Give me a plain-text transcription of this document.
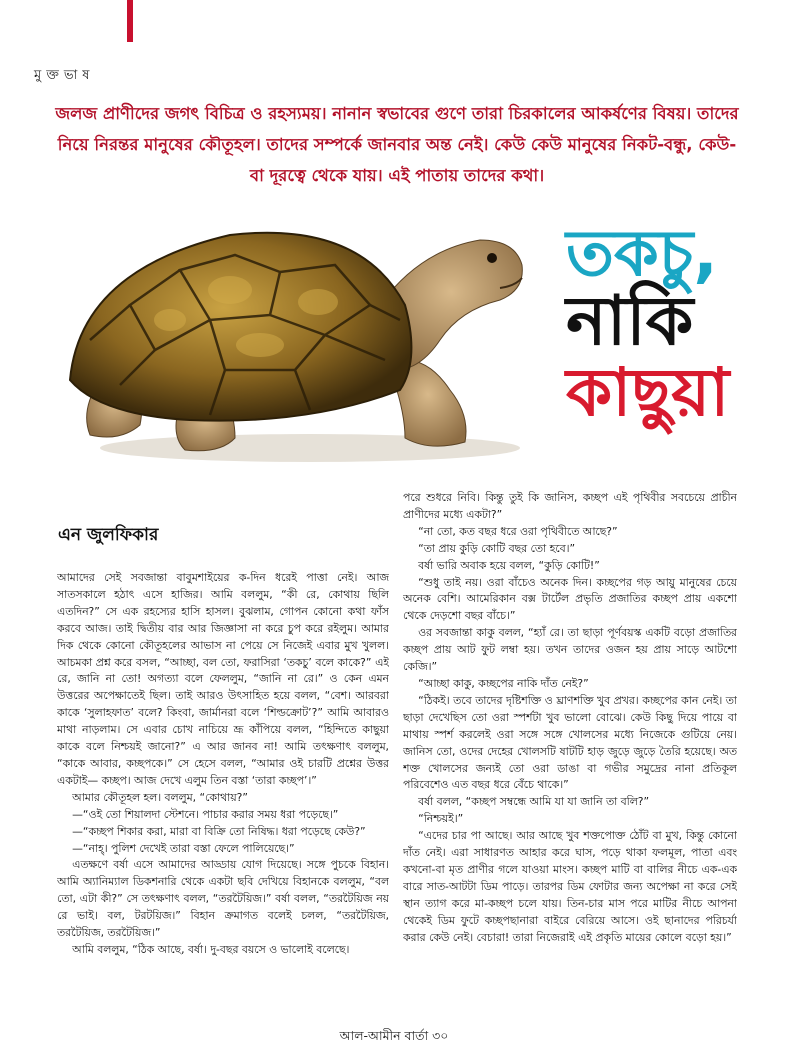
মুক্তভাষ
জলজ প্রাণীদের জগৎ বিচিত্র ও রহস্যময়। নানান স্বভাবের গুণে তারা চিরকালের আকর্ষণের বিষয়। তাদের নিয়ে নিরন্তর মানুষের কৌতূহল। তাদের সম্পর্কে জানবার অন্ত নেই। কেউ কেউ মানুষের নিকট-বন্ধু, কেউ-বা দূরত্বে থেকে যায়। এই পাতায় তাদের কথা।
তকচু,
নাকি
কাছুয়া
এন জুলফিকার

আমাদের সেই সবজান্তা বাবুমশাইয়ের ক-দিন ধরেই পাত্তা নেই। আজ সাতসকালে হঠাৎ এসে হাজির। আমি বললুম, “কী রে, কোথায় ছিলি এতদিন?” সে এক রহস্যের হাসি হাসল। বুঝলাম, গোপন কোনো কথা ফাঁস করবে আজ। তাই দ্বিতীয় বার আর জিজ্ঞাসা না করে চুপ করে রইলুম। আমার দিক থেকে কোনো কৌতূহলের আভাস না পেয়ে সে নিজেই এবার মুখ খুলল। আচমকা প্রশ্ন করে বসল, “আচ্ছা, বল তো, ফরাসিরা ‘তকচু’ বলে কাকে?” এই রে, জানি না তো! অগত্যা বলে ফেললুম, “জানি না রে।” ও কেন এমন উত্তরের অপেক্ষাতেই ছিল। তাই আরও উৎসাহিত হয়ে বলল, “বেশ। আরবরা কাকে ‘সুলাহফাত’ বলে? কিংবা, জার্মানরা বলে ‘শিল্ডক্রোট’?” আমি আবারও মাথা নাড়লাম। সে এবার চোখ নাচিয়ে ভ্রূ কাঁপিয়ে বলল, “হিন্দিতে কাছুয়া কাকে বলে নিশ্চয়ই জানো?” এ আর জানব না! আমি তৎক্ষণাৎ বললুম, “কাকে আবার, কচ্ছপকে।” সে হেসে বলল, “আমার ওই চারটি প্রশ্নের উত্তর একটাই— কচ্ছপ। আজ দেখে এলুম তিন বস্তা ‘তারা কচ্ছপ’।”

আমার কৌতূহল হল। বললুম, “কোথায়?”

—“ওই তো শিয়ালদা স্টেশনে। পাচার করার সময় ধরা পড়েছে।”

—“কচ্ছপ শিকার করা, মারা বা বিক্রি তো নিষিদ্ধ। ধরা পড়েছে কেউ?”

—“নাহ্‌। পুলিশ দেখেই তারা বস্তা ফেলে পালিয়েছে।”

এতক্ষণে বর্ষা এসে আমাদের আড্ডায় যোগ দিয়েছে। সঙ্গে পুচকে বিহান। আমি অ্যানিম্যাল ডিকশনারি থেকে একটা ছবি দেখিয়ে বিহানকে বললুম, “বল তো, এটা কী?” সে তৎক্ষণাৎ বলল, “তরটৈয়িজ।” বর্ষা বলল, “তরটৈয়িজ নয় রে ভাই। বল, টরটয়িজ।” বিহান ক্রমাগত বলেই চলল, “তরটৈয়িজ, তরটৈয়িজ, তরটৈয়িজ।”

আমি বললুম, “ঠিক আছে, বর্ষা। দু-বছর বয়সে ও ভালোই বলেছে।

পরে শুধরে নিবি। কিন্তু তুই কি জানিস, কচ্ছপ এই পৃথিবীর সবচেয়ে প্রাচীন প্রাণীদের মধ্যে একটা?”

“না তো, কত বছর ধরে ওরা পৃথিবীতে আছে?”

“তা প্রায় কুড়ি কোটি বছর তো হবে।”

বর্ষা ভারি অবাক হয়ে বলল, “কুড়ি কোটি!”

“শুধু তাই নয়। ওরা বাঁচেও অনেক দিন। কচ্ছপের গড় আয়ু মানুষের চেয়ে অনেক বেশি। আমেরিকান বক্স টার্টেল প্রভৃতি প্রজাতির কচ্ছপ প্রায় একশো থেকে দেড়শো বছর বাঁচে।”

ওর সবজান্তা কাকু বলল, “হ্যাঁ রে। তা ছাড়া পূর্ণবয়স্ক একটি বড়ো প্রজাতির কচ্ছপ প্রায় আট ফুট লম্বা হয়। তখন তাদের ওজন হয় প্রায় সাড়ে আটশো কেজি।”

“আচ্ছা কাকু, কচ্ছপের নাকি দাঁত নেই?”

“ঠিকই। তবে তাদের দৃষ্টিশক্তি ও ঘ্রাণশক্তি খুব প্রখর। কচ্ছপের কান নেই। তা ছাড়া দেখেছিস তো ওরা স্পর্শটা খুব ভালো বোঝে। কেউ কিছু দিয়ে পায়ে বা মাথায় স্পর্শ করলেই ওরা সঙ্গে সঙ্গে খোলসের মধ্যে নিজেকে গুটিয়ে নেয়। জানিস তো, ওদের দেহের খোলসটি ষাটটি হাড় জুড়ে জুড়ে তৈরি হয়েছে। অত শক্ত খোলসের জন্যই তো ওরা ডাঙা বা গভীর সমুদ্রের নানা প্রতিকূল পরিবেশেও এত বছর ধরে বেঁচে থাকে।”

বর্ষা বলল, “কচ্ছপ সম্বন্ধে আমি যা যা জানি তা বলি?”

“নিশ্চয়ই।”

“এদের চার পা আছে। আর আছে খুব শক্তপোক্ত ঠোঁট বা মুখ, কিন্তু কোনো দাঁত নেই। এরা সাধারণত আহার করে ঘাস, পড়ে থাকা ফলমূল, পাতা এবং কখনো-বা মৃত প্রাণীর গলে যাওয়া মাংস। কচ্ছপ মাটি বা বালির নীচে এক-এক বারে সাত-আটটা ডিম পাড়ে। তারপর ডিম ফোটার জন্য অপেক্ষা না করে সেই স্থান ত্যাগ করে মা-কচ্ছপ চলে যায়। তিন-চার মাস পরে মাটির নীচে আপনা থেকেই ডিম ফুটে কচ্ছপছানারা বাইরে বেরিয়ে আসে। ওই ছানাদের পরিচর্যা করার কেউ নেই। বেচারা! তারা নিজেরাই এই প্রকৃতি মায়ের কোলে বড়ো হয়।”

আল-আমীন বার্তা ৩০
